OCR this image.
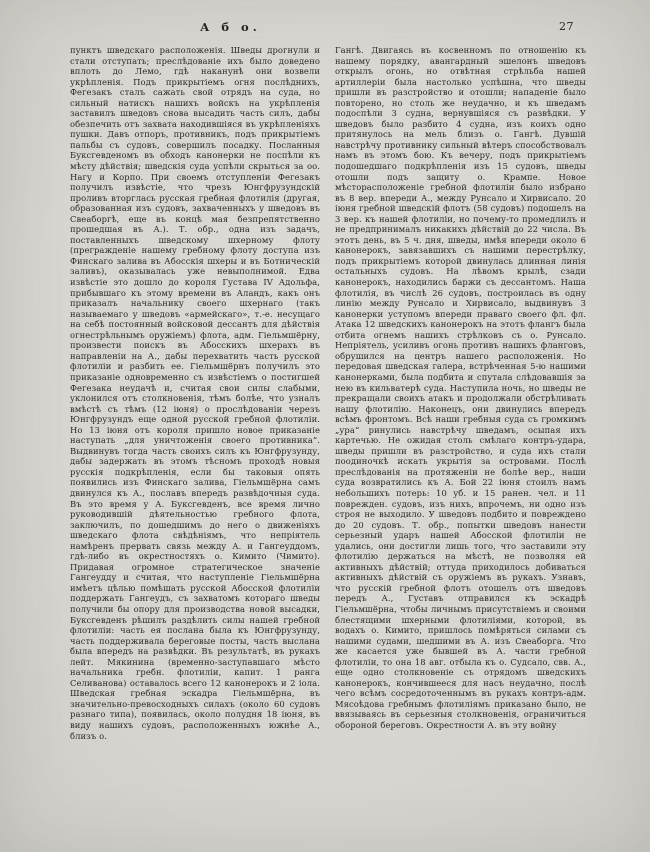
А б о.	27
пунктъ шведскаго расположенія. Шведы дрогнули и стали отступать; преслѣдованіе ихъ было доведено вплоть до Лемо, гдѣ наканунѣ они возвели укрѣпленія. Подъ прикрытіемъ огня послѣднихъ, Фегезакъ сталъ сажать свой отрядъ на суда, но сильный натискъ нашихъ войскъ на укрѣпленія заставилъ шведовъ снова высадить часть силъ, дабы обезпечить отъ захвата находившіяся въ укрѣпленіяхъ пушки. Давъ отпоръ, противникъ, подъ прикрытіемъ пальбы съ судовъ, совершилъ посадку. Посланныя Буксгевденомъ въ обходъ канонерки не поспѣли къ мѣсту дѣйствія; шведскія суда успѣли скрыться за оо. Нагу и Корпо. При своемъ отступленіи Фегезакъ получилъ извѣстіе, что чрезъ Юнгфрузундскій проливъ вторглась русская гребная флотилія (другая, образованная изъ судовъ, захваченныхъ у шведовъ въ Свеаборгѣ, еще въ концѣ мая безпрепятственно прошедшая въ А.). Т. обр., одна изъ задачъ, поставленныхъ шведскому шхерному флоту (прегражденіе нашему гребному флоту доступа изъ Финскаго залива въ Абосскія шхеры и въ Ботническій заливъ), оказывалась уже невыполнимой. Едва извѣстіе это дошло до короля Густава IV Адольфа, прибывшаго къ этому времени въ Аландъ, какъ онъ приказалъ начальнику своего шхернаго (такъ называемаго у шведовъ «армейскаго», т.-е. несущаго на себѣ постоянный войсковой дессантъ для дѣйствія огнестрѣльнымъ оружіемъ) флота, адм. Гіельмшёрну, произвести поискъ въ Абосскихъ шхерахъ въ направленіи на А., дабы перехватить часть русской флотиліи и разбить ее. Гіельмшёрнъ получилъ это приказаніе одновременно съ извѣстіемъ о постигшей Фегезака неудачѣ и, считая свои силы слабыми, уклонился отъ столкновенія, тѣмъ болѣе, что узналъ вмѣстѣ съ тѣмъ (12 іюня) о прослѣдованіи черезъ Юнгфрузундъ еще одной русской гребной флотиліи. Но 13 іюня отъ короля пришло новое приказаніе наступать „для уничтоженія своего противника“. Выдвинувъ тогда часть своихъ силъ къ Юнгфрузунду, дабы задержать въ этомъ тѣсномъ проходѣ новыя русскія подкрѣпленія, если бы таковыя опять появились изъ Финскаго залива, Гіельмшёрна самъ двинулся къ А., пославъ впередъ развѣдочныя суда. Въ это время у А. Буксгевденъ, все время лично руководившій дѣятельностью гребного флота, заключилъ, по дошедшимъ до него о движеніяхъ шведскаго флота свѣдѣніямъ, что непріятель намѣренъ прервать связь между А. и Гангеуддомъ, гдѣ-либо въ окрестностяхъ о. Кимито (Чимито). Придавая огромное стратегическое значеніе Гангеудду и считая, что наступленіе Гіельмшёрна имѣетъ цѣлью помѣшать русской Абосской флотиліи поддержать Гангеудъ, съ захватомъ котораго шведы получили бы опору для производства новой высадки, Буксгевденъ рѣшилъ раздѣлить силы нашей гребной флотиліи: часть ея послана была къ Юнгфрузунду, часть поддерживала береговые посты, часть выслана была впередъ на развѣдки. Въ результатѣ, въ рукахъ лейт. Мякинина (временно-заступавшаго мѣсто начальника гребн. флотиліи, капит. 1 ранга Селиванова) оставалось всего 12 канонерокъ и 2 іола. Шведская гребная эскадра Гіельмшёрна, въ значительно-превосходныхъ силахъ (около 60 судовъ разнаго типа), появилась, около полудня 18 іюня, въ виду нашихъ судовъ, расположенныхъ южнѣе А., близъ о.
Гангѣ. Двигаясь въ косвенномъ по отношенію къ нашему порядку, авангардный эшелонъ шведовъ открылъ огонь, но отвѣтная стрѣльба нашей артиллеріи была настолько успѣшна, что шведы пришли въ разстройство и отошли; нападеніе было повторено, но столь же неудачно, и къ шведамъ подоспѣли 3 судна, вернувшіяся съ развѣдки. У шведовъ было разбито 4 судна, изъ коихъ одно притянулось на мель близъ о. Гангѣ. Дувшій навстрѣчу противнику сильный вѣтеръ способствовалъ намъ въ этомъ бою. Къ вечеру, подъ прикрытіемъ подошедшаго подкрѣпленія изъ 15 судовъ, шведы отошли подъ защиту о. Крампе. Новое мѣсторасположеніе гребной флотиліи было избрано въ 8 вер. впереди А., между Рунсало и Хирвисало. 20 іюня гребной шведскій флотъ (58 судовъ) подошелъ на 3 вер. къ нашей флотиліи, но почему-то промедлилъ и не предпринималъ никакихъ дѣйствій до 22 числа. Въ этотъ день, въ 5 ч. дня, шведы, имѣя впереди около 6 канонерокъ, завязавшихъ съ нашими перестрѣлку, подъ прикрытіемъ которой двинулась длинная линія остальныхъ судовъ. На лѣвомъ крылѣ, сзади канонерокъ, находились баржи съ дессантомъ. Наша флотилія, въ числѣ 26 судовъ, построилась въ одну линію между Рунсало и Хирвисало, выдвинувъ 3 канонерки уступомъ впереди праваго своего фл. фл. Атака 12 шведскихъ канонерокъ на этотъ флангъ была отбита огнемъ нашихъ стрѣлковъ съ о. Рунсало. Непріятель, усиливъ огонь противъ нашихъ фланговъ, обрушился на центръ нашего расположенія. Но передовая шведская галера, встрѣченная 5-ю нашими канонерками, была подбита и спутала слѣдовавшія за нею въ кильватерѣ суда. Наступила ночь, но шведы не прекращали своихъ атакъ и продолжали обстрѣливать нашу флотилію. Наконецъ, они двинулись впередъ всѣмъ фронтомъ. Всѣ наши гребныя суда съ громкимъ „ура“ ринулись навстрѣчу шведамъ, осыпая ихъ картечью. Не ожидая столь смѣлаго контръ-удара, шведы пришли въ разстройство, и суда ихъ стали поодиночкѣ искать укрытія за островами. Послѣ преслѣдованія на протяженіи не болѣе вер., наши суда возвратились къ А. Бой 22 іюня стоилъ намъ небольшихъ потерь: 10 уб. и 15 ранен. чел. и 11 поврежден. судовъ, изъ нихъ, впрочемъ, ни одно изъ строя не выходило. У шведовъ подбито и повреждено до 20 судовъ. Т. обр., попытки шведовъ нанести серьезный ударъ нашей Абосской флотиліи не удались, они достигли лишь того, что заставили эту флотилію держаться на мѣстѣ, не позволяя ей активныхъ дѣйствій; оттуда приходилось добиваться активныхъ дѣйствій съ оружіемъ въ рукахъ. Узнавъ, что русскій гребной флотъ отошелъ отъ шведовъ передъ А., Густавъ отправился къ эскадрѣ Гіельмшёрна, чтобы личнымъ присутствіемъ и своими блестящими шхерными флотиліями, которой, въ водахъ о. Кимито, пришлось помѣряться силами съ нашими судами, шедшими въ А. изъ Свеаборга. Что же касается уже бывшей въ А. части гребной флотиліи, то она 18 авг. отбыла къ о. Судсало, свв. А., еще одно столкновеніе съ отрядомъ шведскихъ канонерокъ, кончившееся для насъ неудачно, послѣ чего всѣмъ сосредоточеннымъ въ рукахъ контръ-адм. Мясоѣдова гребнымъ флотиліямъ приказано было, не ввязываясь въ серьезныя столкновенія, ограничиться обороной береговъ. Окрестности А. въ эту войну
